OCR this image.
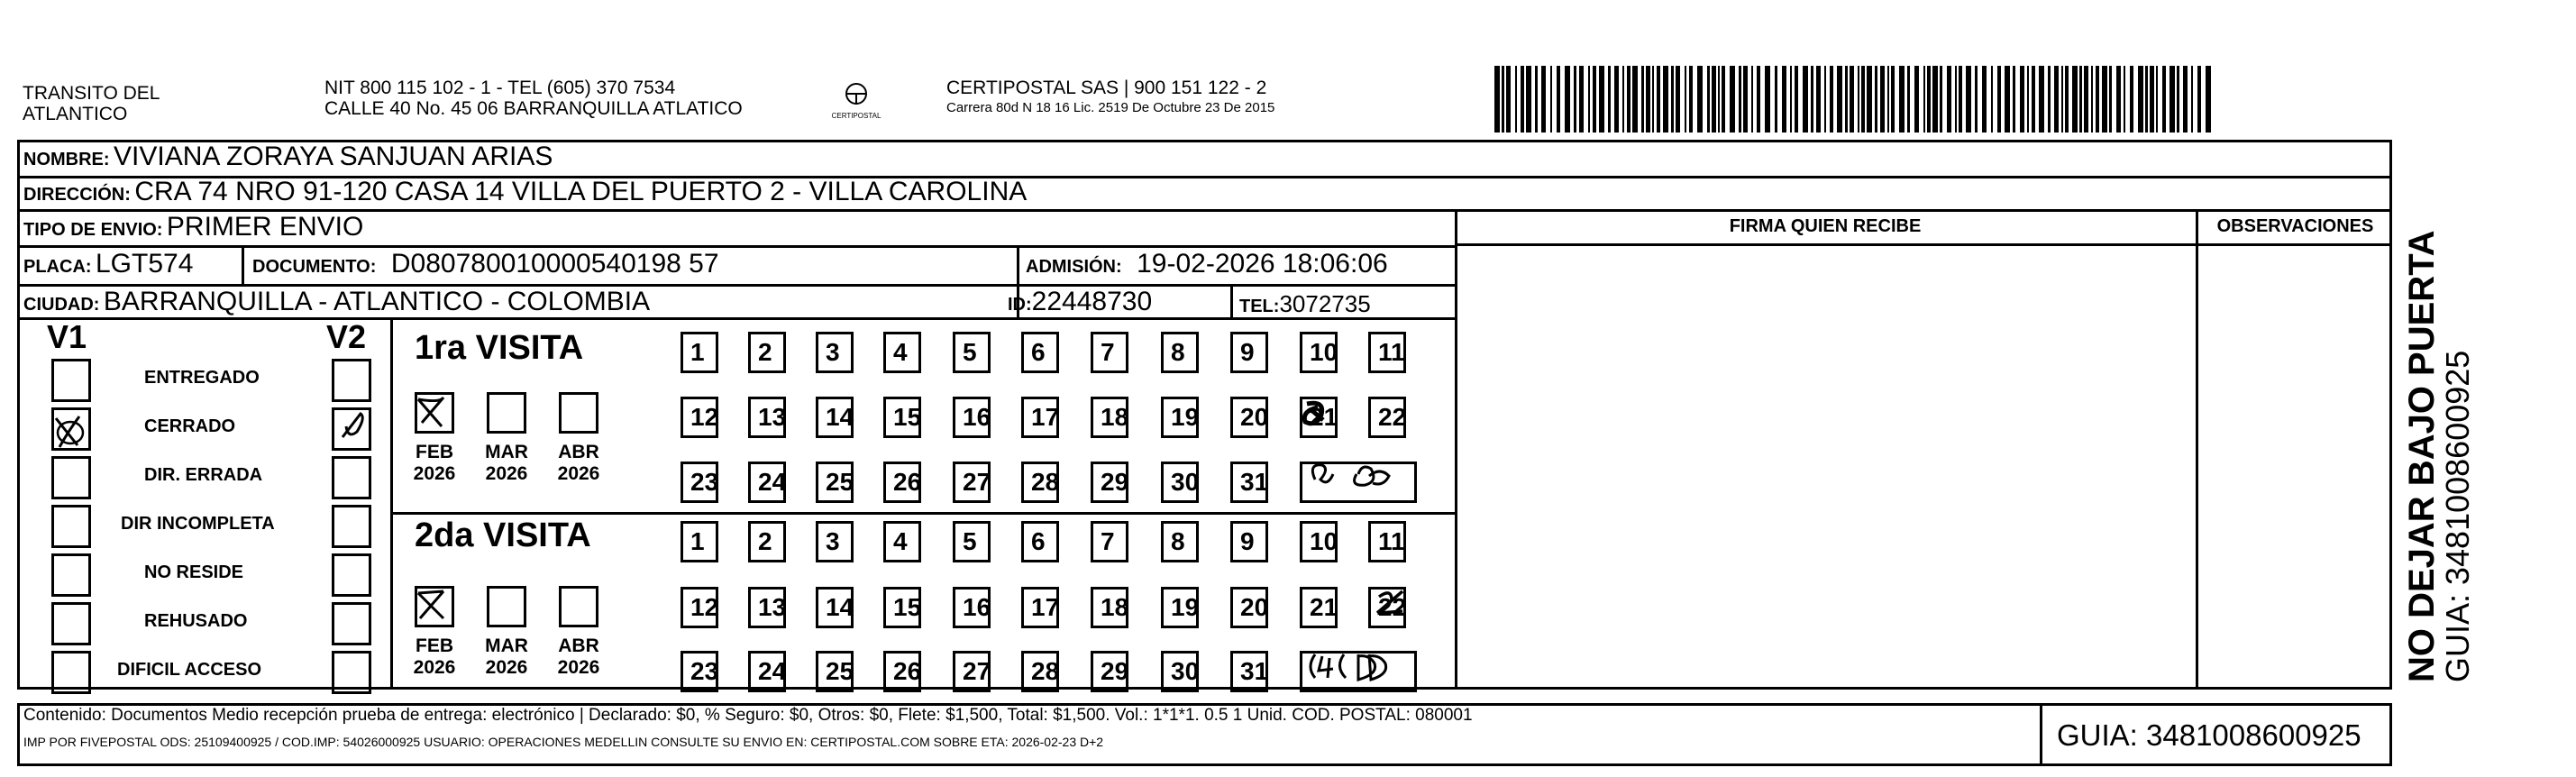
TRANSITO DEL
ATLANTICO
NIT 800 115 102 - 1 - TEL (605) 370 7534
CALLE 40 No. 45 06 BARRANQUILLA ATLATICO	CERTIPOSTAL
CERTIPOSTAL SAS | 900 151 122 - 2
Carrera 80d N 18 16 Lic. 2519 De Octubre 23 De 2015
NOMBRE: VIVIANA ZORAYA SANJUAN ARIAS
DIRECCIÓN: CRA 74 NRO 91-120 CASA 14 VILLA DEL PUERTO 2 - VILLA CAROLINA
TIPO DE ENVIO: PRIMER ENVIO
PLACA: LGT574	DOCUMENTO: D080780010000540198 57	ADMISIÓN: 19-02-2026 18:06:06
CIUDAD: BARRANQUILLA - ATLANTICO - COLOMBIA	ID:22448730	TEL:3072735
FIRMA QUIEN RECIBE	OBSERVACIONES
V1	V2
ENTREGADO
CERRADO
DIR. ERRADA
DIR INCOMPLETA
NO RESIDE
REHUSADO
DIFICIL ACCESO
1ra VISITA
2da VISITA
FEB
2026
MAR
2026
ABR
2026
FEB
2026
MAR
2026
ABR
2026
1	2	3	4	5	6	7	8	9	10	11
12	13	14	15	16	17	18	19	20	21	22
23	24	25	26	27	28	29	30	31
1	2	3	4	5	6	7	8	9	10	11
12	13	14	15	16	17	18	19	20	21	22
23	24	25	26	27	28	29	30	31
Contenido: Documentos Medio recepción prueba de entrega: electrónico | Declarado: $0, % Seguro: $0, Otros: $0, Flete: $1,500, Total: $1,500. Vol.: 1*1*1. 0.5 1 Unid. COD. POSTAL: 080001
IMP POR FIVEPOSTAL ODS: 25109400925 / COD.IMP: 54026000925 USUARIO: OPERACIONES MEDELLIN CONSULTE SU ENVIO EN: CERTIPOSTAL.COM SOBRE ETA: 2026-02-23 D+2	GUIA: 3481008600925
NO DEJAR BAJO PUERTA
GUIA: 3481008600925
